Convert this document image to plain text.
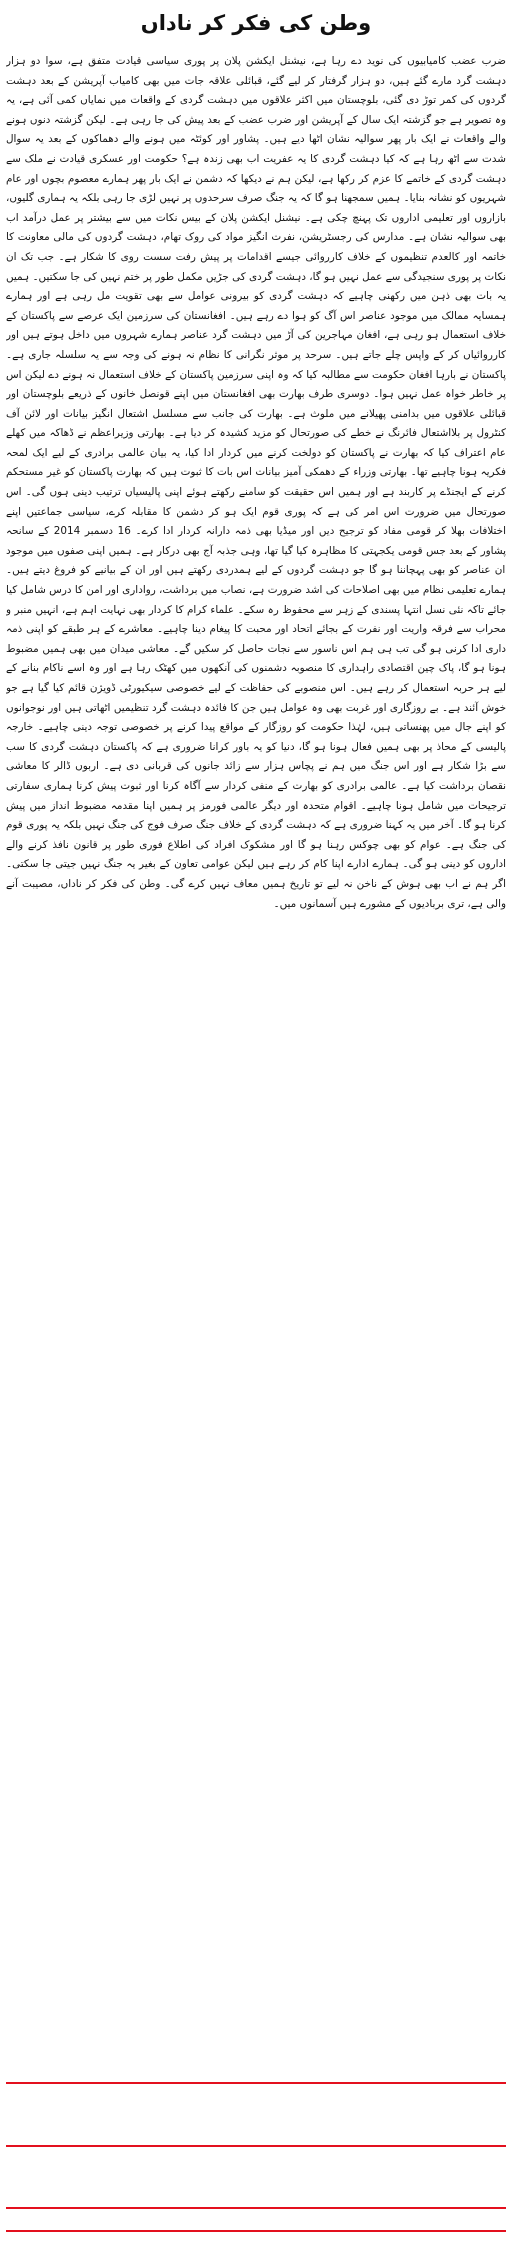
وطن کی فکر کر ناداں
ضرب عضب کامیابیوں کی نوید دے رہا ہے، نیشنل ایکشن پلان پر پوری سیاسی قیادت متفق ہے، سوا دو ہزار دہشت گرد مارے گئے ہیں، دو ہزار گرفتار کر لیے گئے، قبائلی علاقہ جات میں بھی کامیاب آپریشن کے بعد دہشت گردوں کی کمر توڑ دی گئی، بلوچستان میں اکثر علاقوں میں دہشت گردی کے واقعات میں نمایاں کمی آئی ہے، یہ وہ تصویر ہے جو گزشتہ ایک سال کے آپریشن اور ضرب عضب کے بعد پیش کی جا رہی ہے۔ لیکن گزشتہ دنوں ہونے والے واقعات نے ایک بار پھر سوالیہ نشان اٹھا دیے ہیں۔ پشاور اور کوئٹہ میں ہونے والے دھماکوں کے بعد یہ سوال شدت سے اٹھ رہا ہے کہ کیا دہشت گردی کا یہ عفریت اب بھی زندہ ہے؟ حکومت اور عسکری قیادت نے ملک سے دہشت گردی کے خاتمے کا عزم کر رکھا ہے، لیکن ہم نے دیکھا کہ دشمن نے ایک بار پھر ہمارے معصوم بچوں اور عام شہریوں کو نشانہ بنایا۔ ہمیں سمجھنا ہو گا کہ یہ جنگ صرف سرحدوں پر نہیں لڑی جا رہی بلکہ یہ ہماری گلیوں، بازاروں اور تعلیمی اداروں تک پہنچ چکی ہے۔ نیشنل ایکشن پلان کے بیس نکات میں سے بیشتر پر عمل درآمد اب بھی سوالیہ نشان ہے۔ مدارس کی رجسٹریشن، نفرت انگیز مواد کی روک تھام، دہشت گردوں کی مالی معاونت کا خاتمہ اور کالعدم تنظیموں کے خلاف کارروائی جیسے اقدامات پر پیش رفت سست روی کا شکار ہے۔ جب تک ان نکات پر پوری سنجیدگی سے عمل نہیں ہو گا، دہشت گردی کی جڑیں مکمل طور پر ختم نہیں کی جا سکتیں۔ ہمیں یہ بات بھی ذہن میں رکھنی چاہیے کہ دہشت گردی کو بیرونی عوامل سے بھی تقویت مل رہی ہے اور ہمارے ہمسایہ ممالک میں موجود عناصر اس آگ کو ہوا دے رہے ہیں۔ افغانستان کی سرزمین ایک عرصے سے پاکستان کے خلاف استعمال ہو رہی ہے، افغان مہاجرین کی آڑ میں دہشت گرد عناصر ہمارے شہروں میں داخل ہوتے ہیں اور کارروائیاں کر کے واپس چلے جاتے ہیں۔ سرحد پر موثر نگرانی کا نظام نہ ہونے کی وجہ سے یہ سلسلہ جاری ہے۔ پاکستان نے بارہا افغان حکومت سے مطالبہ کیا کہ وہ اپنی سرزمین پاکستان کے خلاف استعمال نہ ہونے دے لیکن اس پر خاطر خواہ عمل نہیں ہوا۔ دوسری طرف بھارت بھی افغانستان میں اپنے قونصل خانوں کے ذریعے بلوچستان اور قبائلی علاقوں میں بدامنی پھیلانے میں ملوث ہے۔ بھارت کی جانب سے مسلسل اشتعال انگیز بیانات اور لائن آف کنٹرول پر بلااشتعال فائرنگ نے خطے کی صورتحال کو مزید کشیدہ کر دیا ہے۔ بھارتی وزیراعظم نے ڈھاکہ میں کھلے عام اعتراف کیا کہ بھارت نے پاکستان کو دولخت کرنے میں کردار ادا کیا، یہ بیان عالمی برادری کے لیے ایک لمحہ فکریہ ہونا چاہیے تھا۔ بھارتی وزراء کے دھمکی آمیز بیانات اس بات کا ثبوت ہیں کہ بھارت پاکستان کو غیر مستحکم کرنے کے ایجنڈے پر کاربند ہے اور ہمیں اس حقیقت کو سامنے رکھتے ہوئے اپنی پالیسیاں ترتیب دینی ہوں گی۔ اس صورتحال میں ضرورت اس امر کی ہے کہ پوری قوم ایک ہو کر دشمن کا مقابلہ کرے، سیاسی جماعتیں اپنے اختلافات بھلا کر قومی مفاد کو ترجیح دیں اور میڈیا بھی ذمہ دارانہ کردار ادا کرے۔ 16 دسمبر 2014 کے سانحہ پشاور کے بعد جس قومی یکجہتی کا مظاہرہ کیا گیا تھا، وہی جذبہ آج بھی درکار ہے۔ ہمیں اپنی صفوں میں موجود ان عناصر کو بھی پہچاننا ہو گا جو دہشت گردوں کے لیے ہمدردی رکھتے ہیں اور ان کے بیانیے کو فروغ دیتے ہیں۔ ہمارے تعلیمی نظام میں بھی اصلاحات کی اشد ضرورت ہے، نصاب میں برداشت، رواداری اور امن کا درس شامل کیا جائے تاکہ نئی نسل انتہا پسندی کے زہر سے محفوظ رہ سکے۔ علماء کرام کا کردار بھی نہایت اہم ہے، انہیں منبر و محراب سے فرقہ واریت اور نفرت کے بجائے اتحاد اور محبت کا پیغام دینا چاہیے۔ معاشرے کے ہر طبقے کو اپنی ذمہ داری ادا کرنی ہو گی تب ہی ہم اس ناسور سے نجات حاصل کر سکیں گے۔ معاشی میدان میں بھی ہمیں مضبوط ہونا ہو گا، پاک چین اقتصادی راہداری کا منصوبہ دشمنوں کی آنکھوں میں کھٹک رہا ہے اور وہ اسے ناکام بنانے کے لیے ہر حربہ استعمال کر رہے ہیں۔ اس منصوبے کی حفاظت کے لیے خصوصی سیکیورٹی ڈویژن قائم کیا گیا ہے جو خوش آئند ہے۔ بے روزگاری اور غربت بھی وہ عوامل ہیں جن کا فائدہ دہشت گرد تنظیمیں اٹھاتی ہیں اور نوجوانوں کو اپنے جال میں پھنساتی ہیں، لہٰذا حکومت کو روزگار کے مواقع پیدا کرنے پر خصوصی توجہ دینی چاہیے۔ خارجہ پالیسی کے محاذ پر بھی ہمیں فعال ہونا ہو گا، دنیا کو یہ باور کرانا ضروری ہے کہ پاکستان دہشت گردی کا سب سے بڑا شکار ہے اور اس جنگ میں ہم نے پچاس ہزار سے زائد جانوں کی قربانی دی ہے۔ اربوں ڈالر کا معاشی نقصان برداشت کیا ہے۔ عالمی برادری کو بھارت کے منفی کردار سے آگاہ کرنا اور ثبوت پیش کرنا ہماری سفارتی ترجیحات میں شامل ہونا چاہیے۔ اقوام متحدہ اور دیگر عالمی فورمز پر ہمیں اپنا مقدمہ مضبوط انداز میں پیش کرنا ہو گا۔ آخر میں یہ کہنا ضروری ہے کہ دہشت گردی کے خلاف جنگ صرف فوج کی جنگ نہیں بلکہ یہ پوری قوم کی جنگ ہے۔ عوام کو بھی چوکس رہنا ہو گا اور مشکوک افراد کی اطلاع فوری طور پر قانون نافذ کرنے والے اداروں کو دینی ہو گی۔ ہمارے ادارے اپنا کام کر رہے ہیں لیکن عوامی تعاون کے بغیر یہ جنگ نہیں جیتی جا سکتی۔ اگر ہم نے اب بھی ہوش کے ناخن نہ لیے تو تاریخ ہمیں معاف نہیں کرے گی۔ وطن کی فکر کر ناداں، مصیبت آنے والی ہے، تری بربادیوں کے مشورے ہیں آسمانوں میں۔
